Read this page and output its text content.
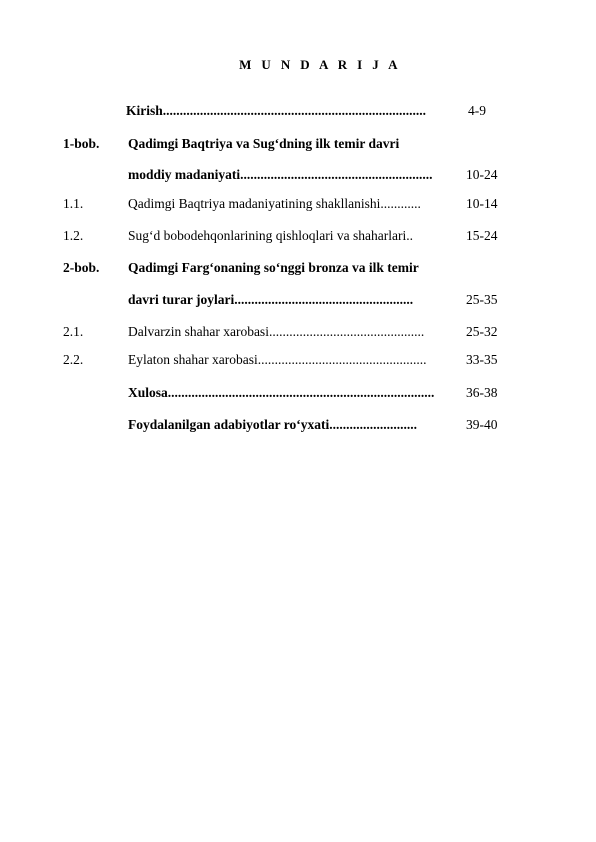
M U N D A R I J A
Kirish..............................................................................	4-9
1-bob. Qadimgi Baqtriya va Sug‘dning ilk temir davri
moddiy madaniyati.........................................................	10-24
1.1.	Qadimgi Baqtriya madaniyatining shakllanishi............	10-14
1.2.	Sug‘d bobodehqonlarining qishloqlari va shaharlari..	15-24
2-bob. Qadimgi Farg‘onaning so‘nggi bronza va ilk temir
davri turar joylari.....................................................	25-35
2.1.	Dalvarzin shahar xarobasi..............................................	25-32
2.2.	Eylaton shahar xarobasi..................................................	33-35
Xulosa...............................................................................	36-38
Foydalanilgan adabiyotlar ro‘yxati..........................	39-40
